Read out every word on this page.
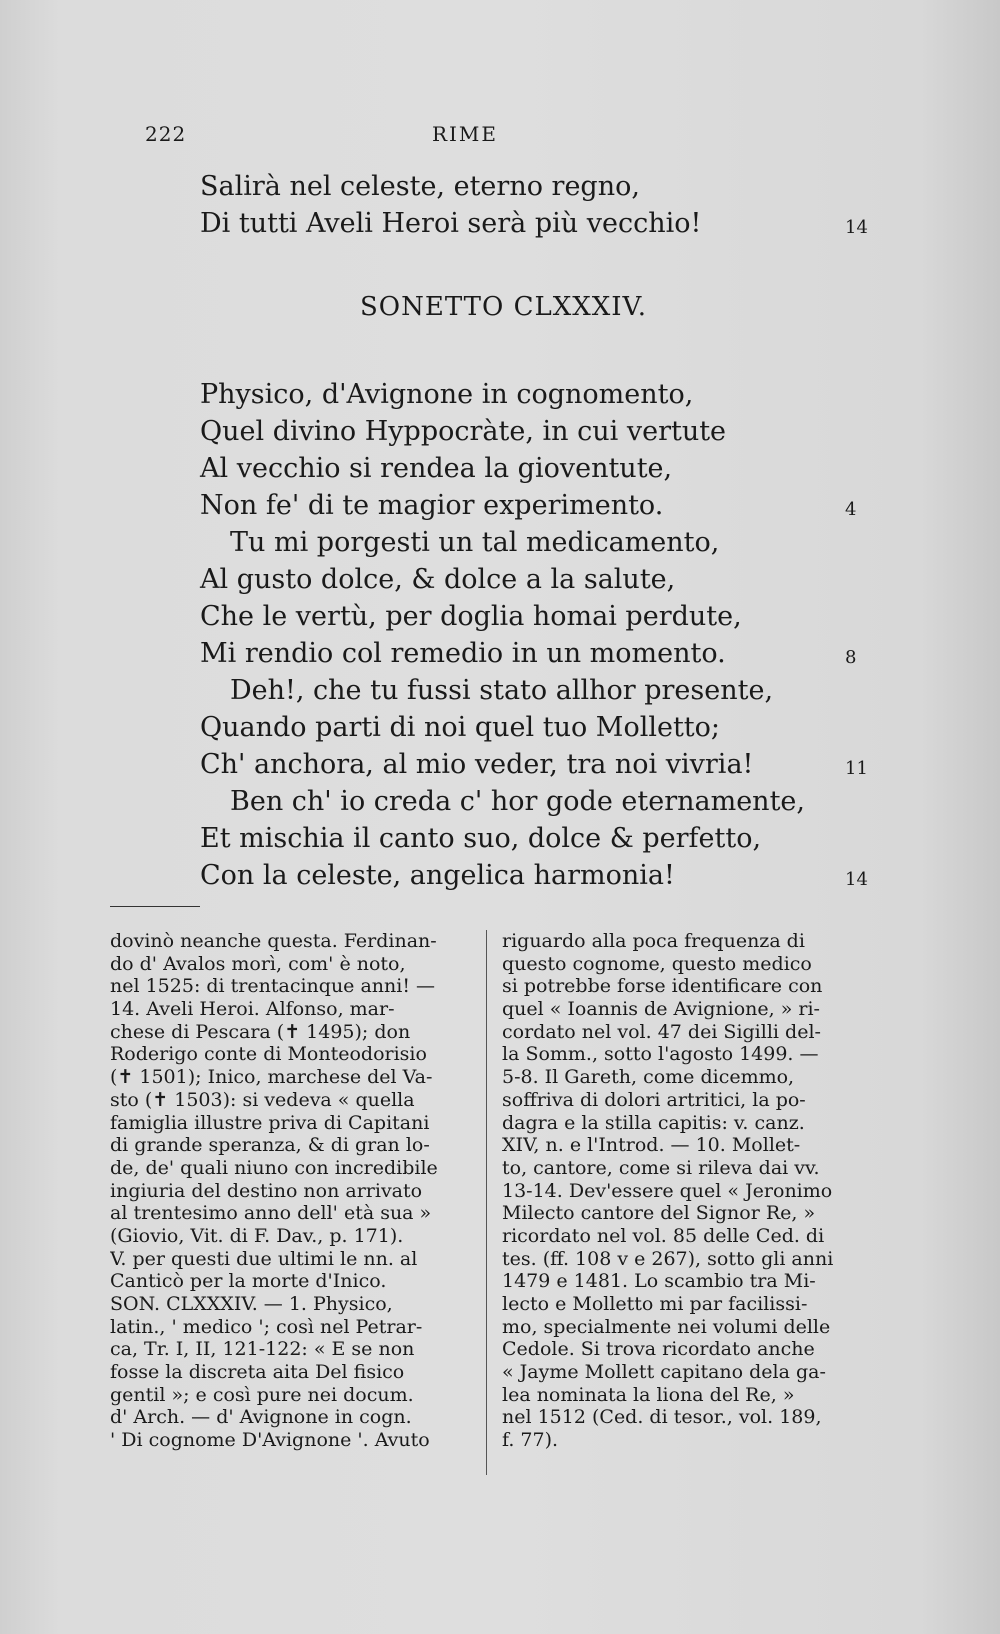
222	RIME
Salirà nel celeste, eterno regno,
Di tutti Aveli Heroi serà più vecchio!	14
SONETTO CLXXXIV.
Physico, d'Avignone in cognomento,
Quel divino Hyppocràte, in cui vertute
Al vecchio si rendea la gioventute,
Non fe' di te magior experimento.	4
Tu mi porgesti un tal medicamento,
Al gusto dolce, & dolce a la salute,
Che le vertù, per doglia homai perdute,
Mi rendio col remedio in un momento.	8
Deh!, che tu fussi stato allhor presente,
Quando parti di noi quel tuo Molletto;
Ch' anchora, al mio veder, tra noi vivria!	11
Ben ch' io creda c' hor gode eternamente,
Et mischia il canto suo, dolce & perfetto,
Con la celeste, angelica harmonia!	14
dovinò neanche questa. Ferdinan-
do d' Avalos morì, com' è noto,
nel 1525: di trentacinque anni! —
14. Aveli Heroi. Alfonso, mar-
chese di Pescara (✝ 1495); don
Roderigo conte di Monteodorisio
(✝ 1501); Inico, marchese del Va-
sto (✝ 1503): si vedeva « quella
famiglia illustre priva di Capitani
di grande speranza, & di gran lo-
de, de' quali niuno con incredibile
ingiuria del destino non arrivato
al trentesimo anno dell' età sua »
(Giovio, Vit. di F. Dav., p. 171).
V. per questi due ultimi le nn. al
Canticò per la morte d'Inico.
SON. CLXXXIV. — 1. Physico,
latin., ' medico '; così nel Petrar-
ca, Tr. I, II, 121-122: « E se non
fosse la discreta aita Del fisico
gentil »; e così pure nei docum.
d' Arch. — d' Avignone in cogn.
' Di cognome D'Avignone '. Avuto
riguardo alla poca frequenza di
questo cognome, questo medico
si potrebbe forse identificare con
quel « Ioannis de Avignione, » ri-
cordato nel vol. 47 dei Sigilli del-
la Somm., sotto l'agosto 1499. —
5-8. Il Gareth, come dicemmo,
soffriva di dolori artritici, la po-
dagra e la stilla capitis: v. canz.
XIV, n. e l'Introd. — 10. Mollet-
to, cantore, come si rileva dai vv.
13-14. Dev'essere quel « Jeronimo
Milecto cantore del Signor Re, »
ricordato nel vol. 85 delle Ced. di
tes. (ff. 108 v e 267), sotto gli anni
1479 e 1481. Lo scambio tra Mi-
lecto e Molletto mi par facilissi-
mo, specialmente nei volumi delle
Cedole. Si trova ricordato anche
« Jayme Mollett capitano dela ga-
lea nominata la liona del Re, »
nel 1512 (Ced. di tesor., vol. 189,
f. 77).
